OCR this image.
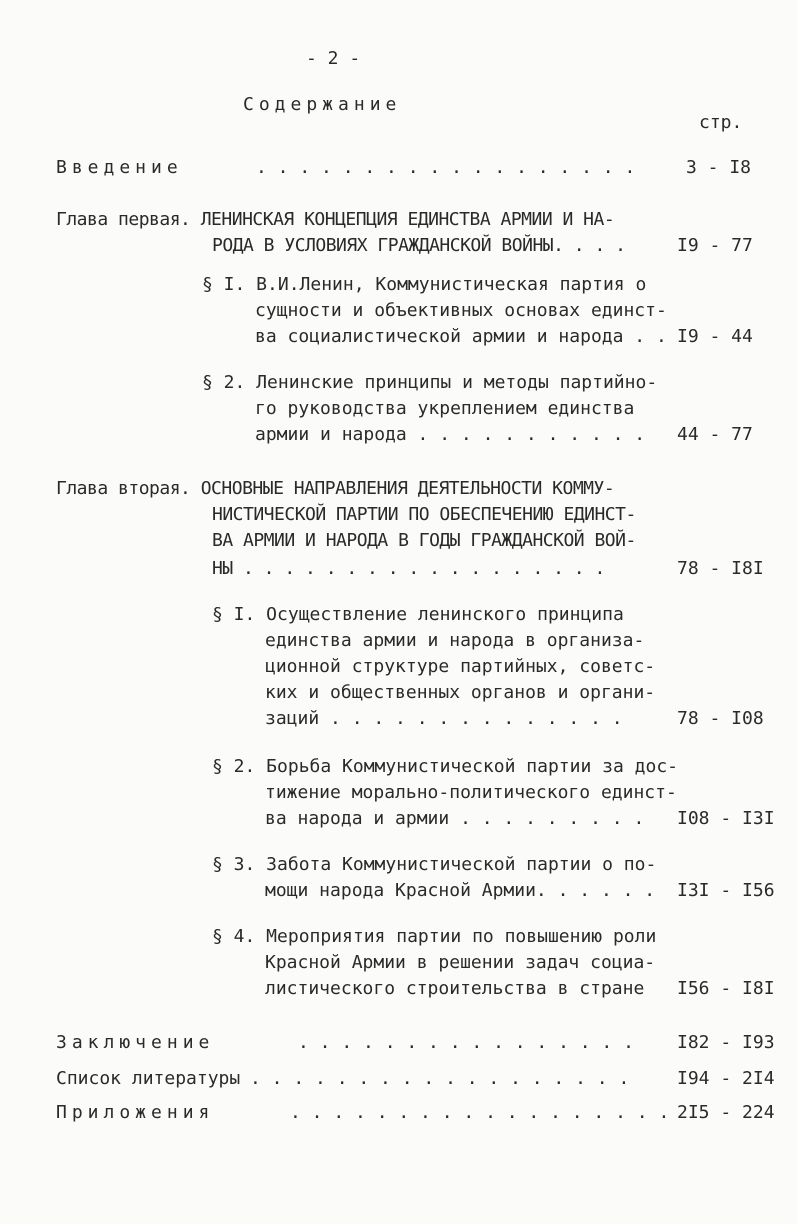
- 2 -
Содержание
стр.
Введение	. . . . . . . . . . . . . . . . . .	3 - I8
Глава первая. ЛЕНИНСКАЯ КОНЦЕПЦИЯ ЕДИНСТВА АРМИИ И НА-
РОДА В УСЛОВИЯХ ГРАЖДАНСКОЙ ВОЙНЫ. . . .	I9 - 77
§ I. В.И.Ленин, Коммунистическая партия о
сущности и объективных основах единст-
ва социалистической армии и народа . . I9 - 44
§ 2. Ленинские принципы и методы партийно-
го руководства укреплением единства
армии и народа . . . . . . . . . . . 44 - 77
Глава вторая. ОСНОВНЫЕ НАПРАВЛЕНИЯ ДЕЯТЕЛЬНОСТИ КОММУ-
НИСТИЧЕСКОЙ ПАРТИИ ПО ОБЕСПЕЧЕНИЮ ЕДИНСТ-
ВА АРМИИ И НАРОДА В ГОДЫ ГРАЖДАНСКОЙ ВОЙ-
НЫ . . . . . . . . . . . . . . . . . .	78 - I8I
§ I. Осуществление ленинского принципа
единства армии и народа в организа-
ционной структуре партийных, советс-
ких и общественных органов и органи-
заций . . . . . . . . . . . . . .	78 - I08
§ 2. Борьба Коммунистической партии за дос-
тижение морально-политического единст-
ва народа и армии . . . . . . . . . I08 - I3I
§ 3. Забота Коммунистической партии о по-
мощи народа Красной Армии. . . . . . I3I - I56
§ 4. Мероприятия партии по повышению роли
Красной Армии в решении задач социа-
листического строительства в стране I56 - I8I
Заключение	. . . . . . . . . . . . . . . . I82 - I93
Список литературы . . . . . . . . . . . . . . . . . .	I94 - 2I4
Приложения	. . . . . . . . . . . . . . . . . . 2I5 - 224
